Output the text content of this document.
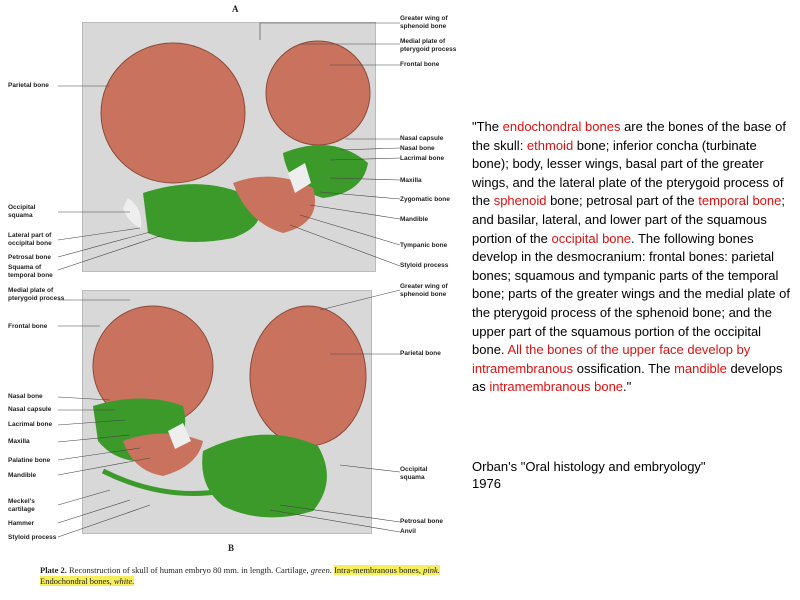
A
B
Parietal bone
Occipital squama
Lateral part of occipital bone
Petrosal bone
Squama of temporal bone
Greater wing of sphenoid bone
Medial plate of pterygoid process
Frontal bone
Nasal capsule
Nasal bone
Lacrimal bone
Maxilla
Zygomatic bone
Mandible
Tympanic bone
Styloid process
Medial plate of pterygoid process
Frontal bone
Nasal bone
Nasal capsule
Lacrimal bone
Maxilla
Palatine bone
Mandible
Meckel's cartilage
Hammer
Styloid process
Greater wing of sphenoid bone
Parietal bone
Occipital squama
Petrosal bone
Anvil
Plate 2. Reconstruction of skull of human embryo 80 mm. in length. Cartilage, green. Intra-membranous bones, pink. Endochondral bones, white.
"The endochondral bones are the bones of the base of the skull: ethmoid bone; inferior concha (turbinate bone); body, lesser wings, basal part of the greater wings, and the lateral plate of the pterygoid process of the sphenoid bone; petrosal part of the temporal bone; and basilar, lateral, and lower part of the squamous portion of the occipital bone. The following bones develop in the desmocranium: frontal bones: parietal bones; squamous and tympanic parts of the temporal bone; parts of the greater wings and the medial plate of the pterygoid process of the sphenoid bone; and the upper part of the squamous portion of the occipital bone. All the bones of the upper face develop by intramembranous ossification. The mandible develops as intramembranous bone."
Orban's "Oral histology and embryology"
1976
